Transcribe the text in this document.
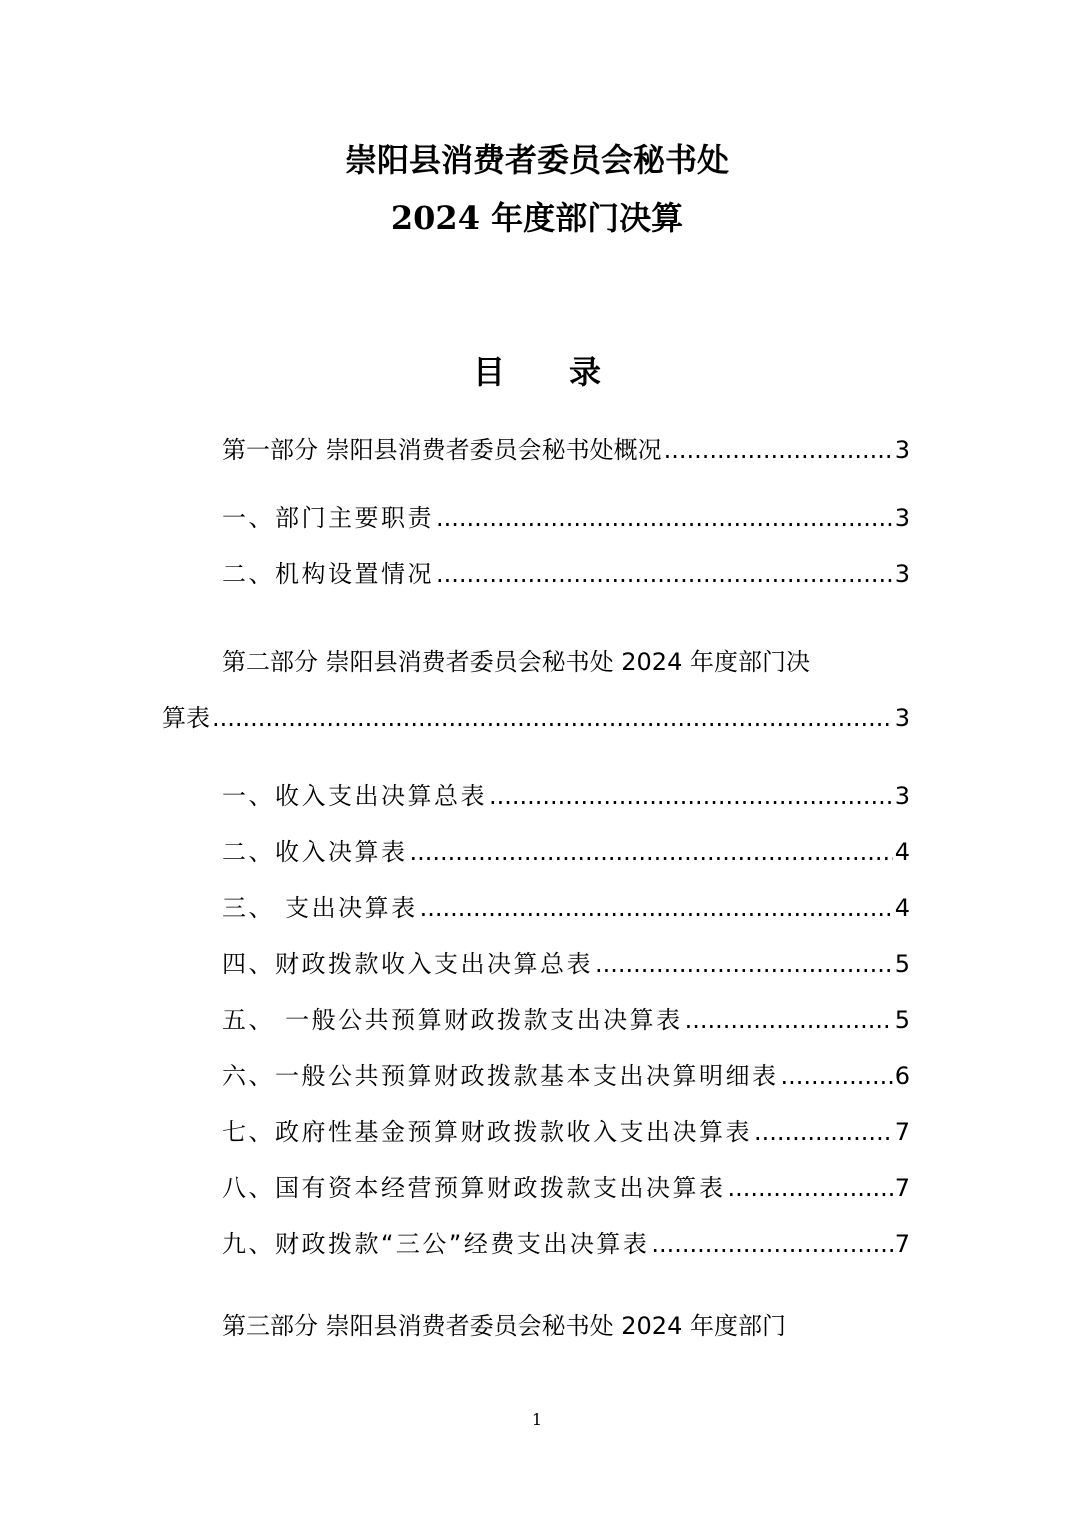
崇阳县消费者委员会秘书处
2024 年度部门决算
目录
第一部分 崇阳县消费者委员会秘书处概况 .....	3
一、部门主要职责 .....	3
二、机构设置情况 .....	3
第二部分 崇阳县消费者委员会秘书处 2024 年度部门决
算表 .....	3
一、收入支出决算总表 .....	3
二、收入决算表 .....	4
三、 支出决算表 .....	4
四、财政拨款收入支出决算总表 .....	5
五、 一般公共预算财政拨款支出决算表 .....	5
六、一般公共预算财政拨款基本支出决算明细表 .....	6
七、政府性基金预算财政拨款收入支出决算表 .....	7
八、国有资本经营预算财政拨款支出决算表 .....	7
九、财政拨款“三公”经费支出决算表 .....	7
第三部分 崇阳县消费者委员会秘书处 2024 年度部门
1
